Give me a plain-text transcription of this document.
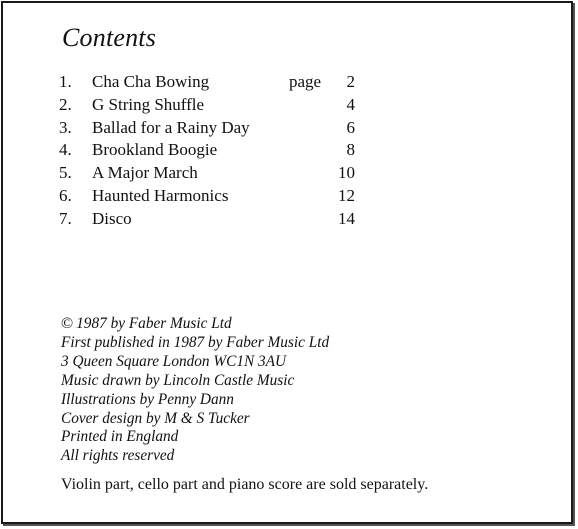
Contents
1. Cha Cha Bowing	page 2
2. G String Shuffle	4
3. Ballad for a Rainy Day	6
4. Brookland Boogie	8
5. A Major March	10
6. Haunted Harmonics	12
7. Disco	14
© 1987 by Faber Music Ltd
First published in 1987 by Faber Music Ltd
3 Queen Square London WC1N 3AU
Music drawn by Lincoln Castle Music
Illustrations by Penny Dann
Cover design by M & S Tucker
Printed in England
All rights reserved

Violin part, cello part and piano score are sold separately.
